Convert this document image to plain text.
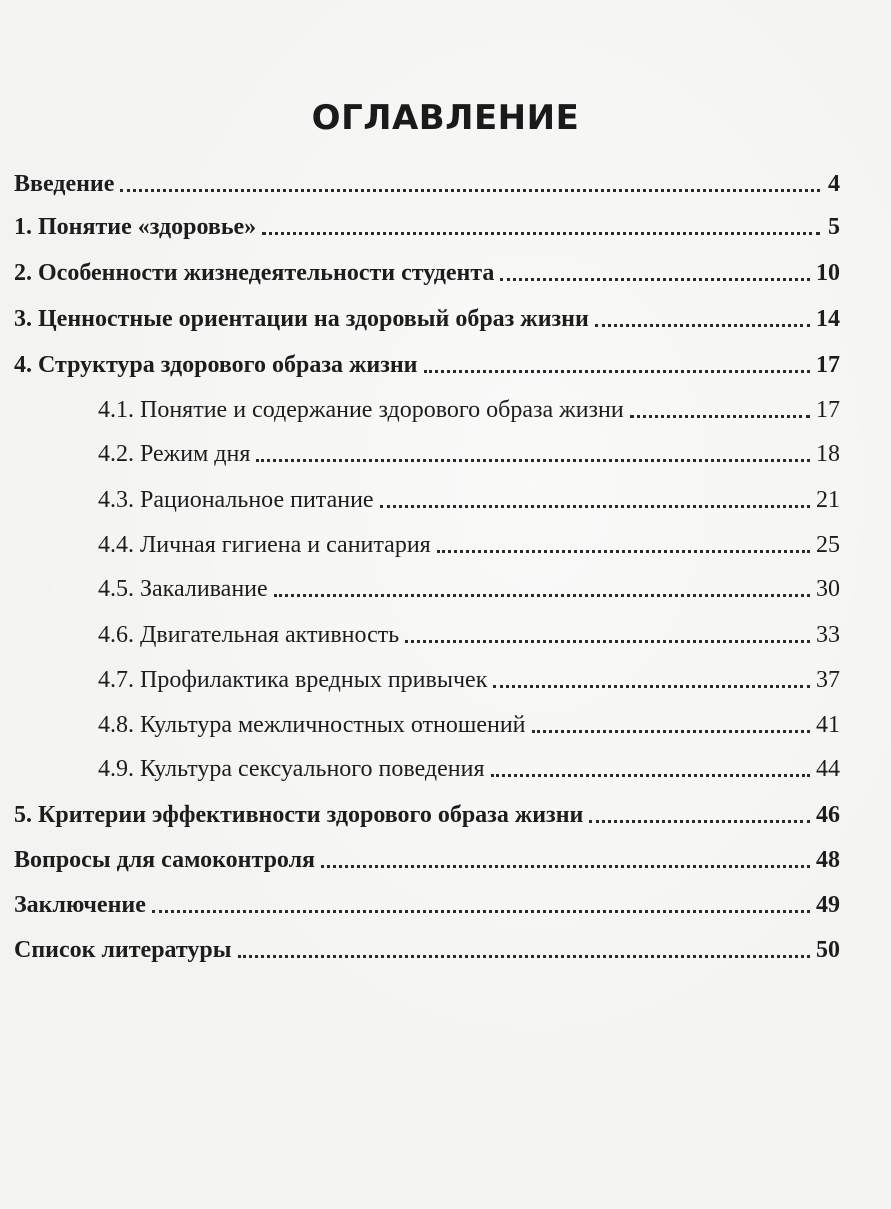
ОГЛАВЛЕНИЕ
Введение	4
1. Понятие «здоровье»	5
2. Особенности жизнедеятельности студента	10
3. Ценностные ориентации на здоровый образ жизни	14
4. Структура здорового образа жизни	17
4.1. Понятие и содержание здорового образа жизни	17
4.2. Режим дня	18
4.3. Рациональное питание	21
4.4. Личная гигиена и санитария	25
4.5. Закаливание	30
4.6. Двигательная активность	33
4.7. Профилактика вредных привычек	37
4.8. Культура межличностных отношений	41
4.9. Культура сексуального поведения	44
5. Критерии эффективности здорового образа жизни	46
Вопросы для самоконтроля	48
Заключение	49
Список литературы	50
